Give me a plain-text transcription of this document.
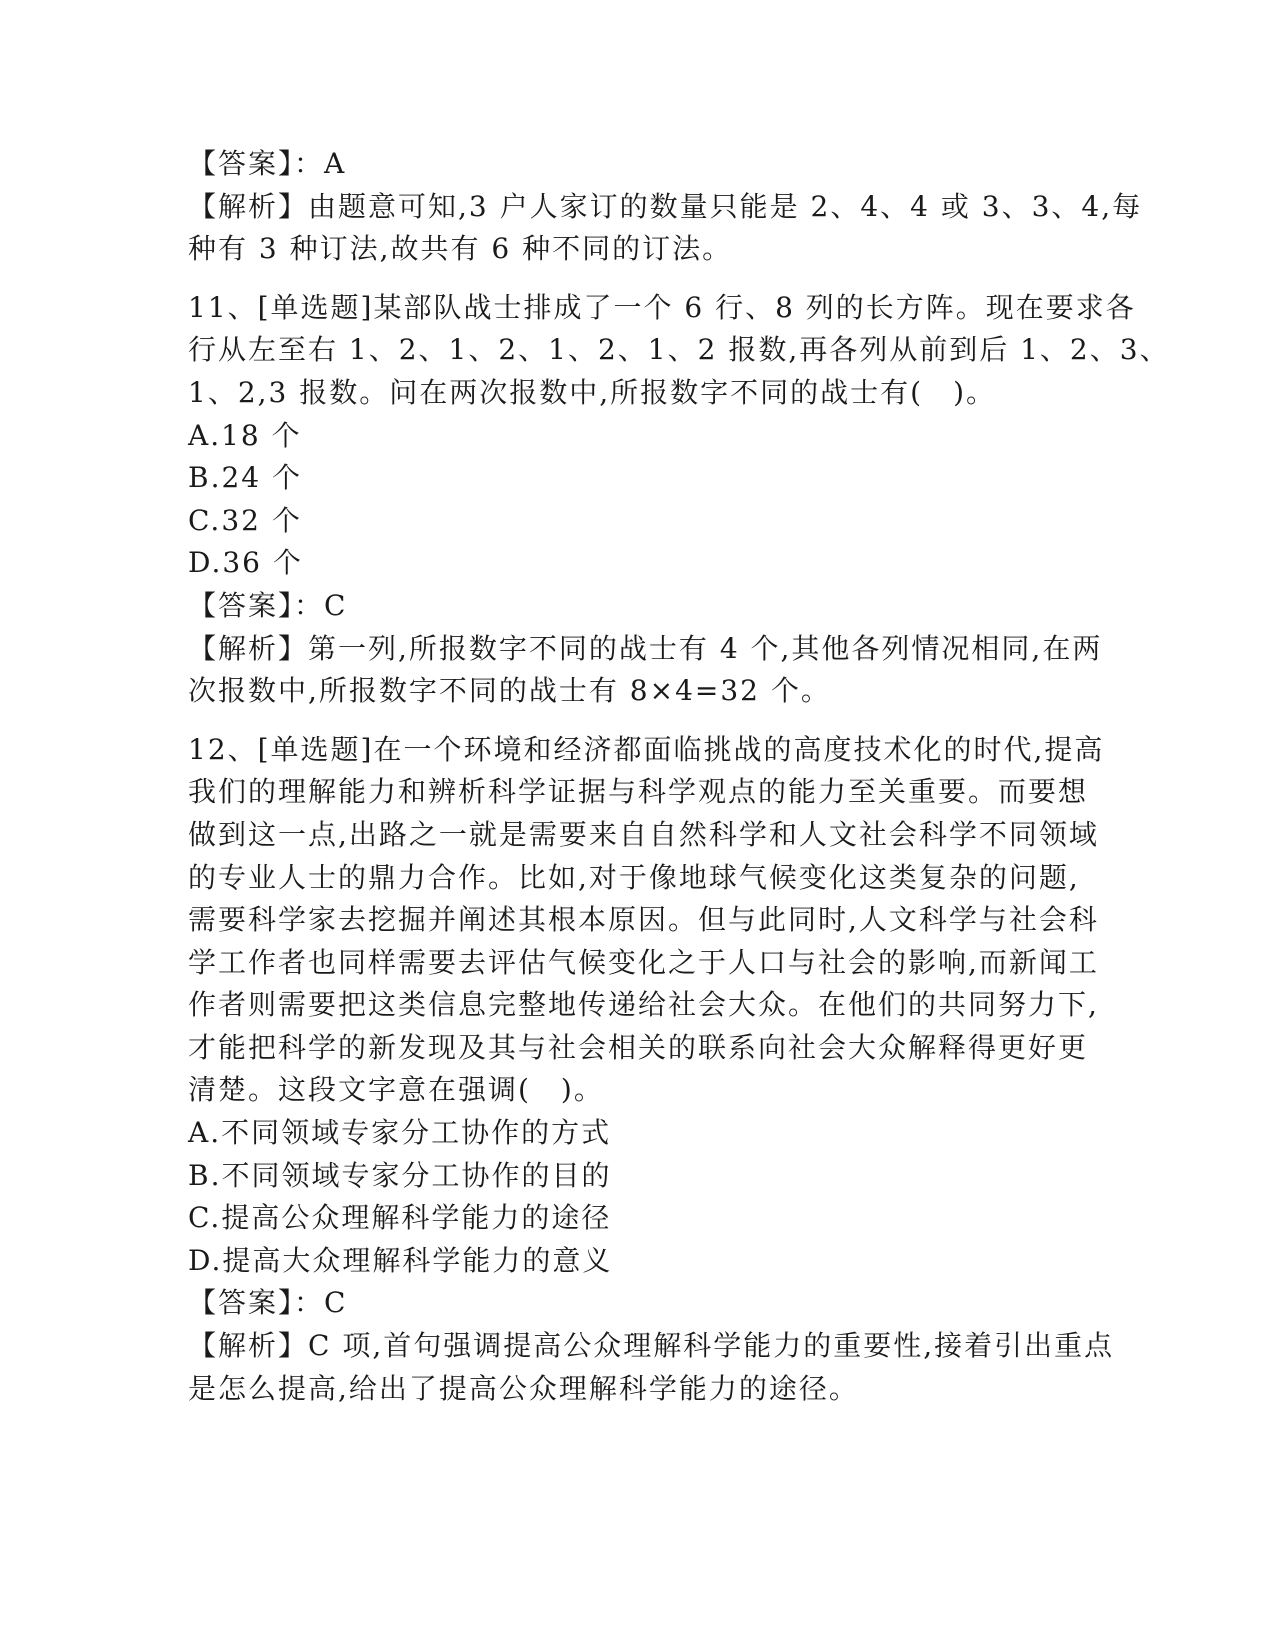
【答案】：A
【解析】由题意可知,3 户人家订的数量只能是 2、4、4 或 3、3、4,每
种有 3 种订法,故共有 6 种不同的订法。
11、[单选题]某部队战士排成了一个 6 行、8 列的长方阵。现在要求各
行从左至右 1、2、1、2、1、2、1、2 报数,再各列从前到后 1、2、3、
1、2,3 报数。问在两次报数中,所报数字不同的战士有(　)。
A.18 个
B.24 个
C.32 个
D.36 个
【答案】：C
【解析】第一列,所报数字不同的战士有 4 个,其他各列情况相同,在两
次报数中,所报数字不同的战士有 8×4=32 个。
12、[单选题]在一个环境和经济都面临挑战的高度技术化的时代,提高
我们的理解能力和辨析科学证据与科学观点的能力至关重要。而要想
做到这一点,出路之一就是需要来自自然科学和人文社会科学不同领域
的专业人士的鼎力合作。比如,对于像地球气候变化这类复杂的问题,
需要科学家去挖掘并阐述其根本原因。但与此同时,人文科学与社会科
学工作者也同样需要去评估气候变化之于人口与社会的影响,而新闻工
作者则需要把这类信息完整地传递给社会大众。在他们的共同努力下,
才能把科学的新发现及其与社会相关的联系向社会大众解释得更好更
清楚。这段文字意在强调(　)。
A.不同领域专家分工协作的方式
B.不同领域专家分工协作的目的
C.提高公众理解科学能力的途径
D.提高大众理解科学能力的意义
【答案】：C
【解析】C 项,首句强调提高公众理解科学能力的重要性,接着引出重点
是怎么提高,给出了提高公众理解科学能力的途径。
